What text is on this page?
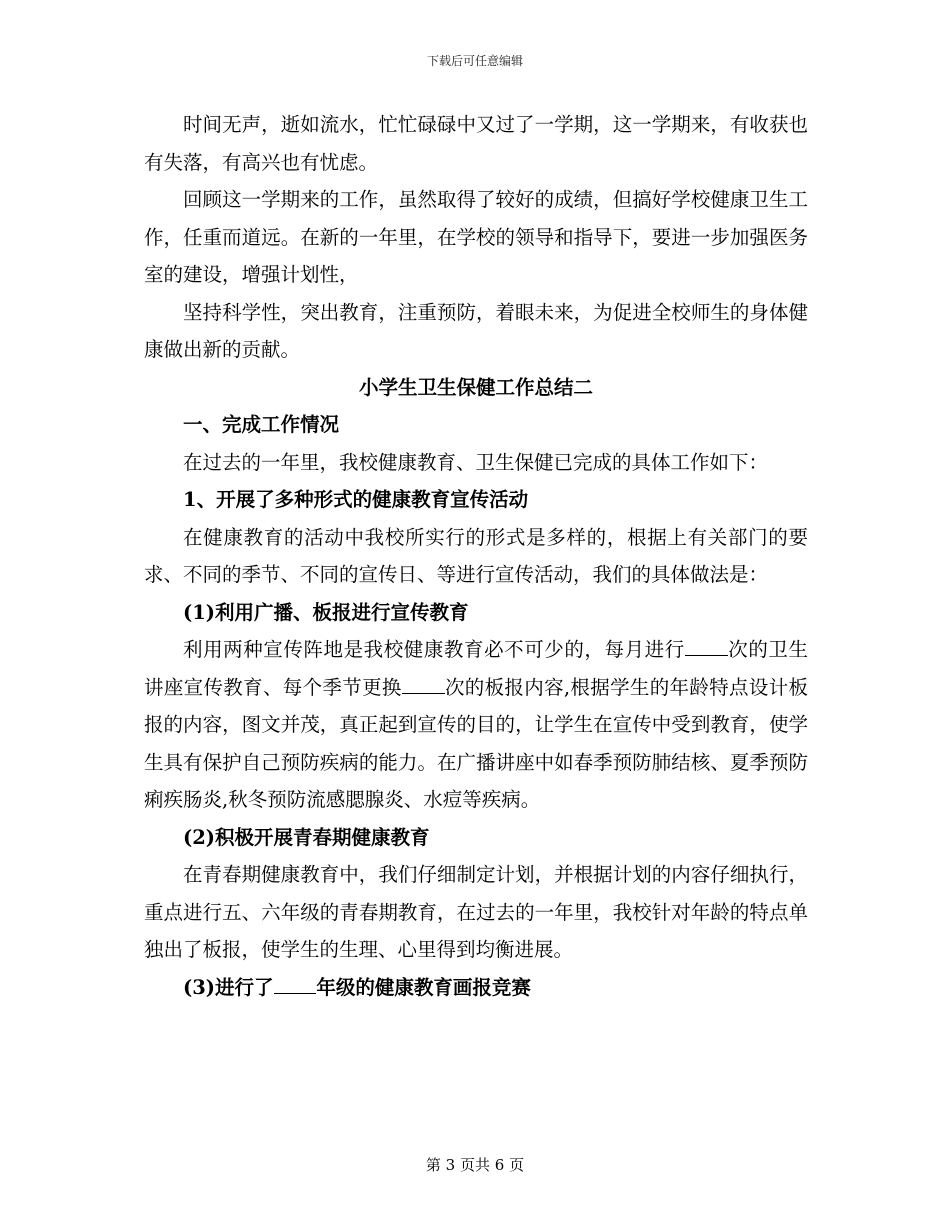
下载后可任意编辑

时间无声，逝如流水，忙忙碌碌中又过了一学期，这一学期来，有收获也有失落，有高兴也有忧虑。

回顾这一学期来的工作，虽然取得了较好的成绩，但搞好学校健康卫生工作，任重而道远。在新的一年里，在学校的领导和指导下，要进一步加强医务室的建设，增强计划性，

坚持科学性，突出教育，注重预防，着眼未来，为促进全校师生的身体健康做出新的贡献。

小学生卫生保健工作总结二

一、完成工作情况

在过去的一年里，我校健康教育、卫生保健已完成的具体工作如下：

1、开展了多种形式的健康教育宣传活动

在健康教育的活动中我校所实行的形式是多样的，根据上有关部门的要求、不同的季节、不同的宣传日、等进行宣传活动，我们的具体做法是：

(1)利用广播、板报进行宣传教育

利用两种宣传阵地是我校健康教育必不可少的，每月进行 次的卫生讲座宣传教育、每个季节更换 次的板报内容,根据学生的年龄特点设计板报的内容，图文并茂，真正起到宣传的目的，让学生在宣传中受到教育，使学生具有保护自己预防疾病的能力。在广播讲座中如春季预防肺结核、夏季预防痢疾肠炎,秋冬预防流感腮腺炎、水痘等疾病。

(2)积极开展青春期健康教育

在青春期健康教育中，我们仔细制定计划，并根据计划的内容仔细执行，重点进行五、六年级的青春期教育，在过去的一年里，我校针对年龄的特点单独出了板报，使学生的生理、心里得到均衡进展。

(3)进行了 年级的健康教育画报竞赛

第 3 页共 6 页
